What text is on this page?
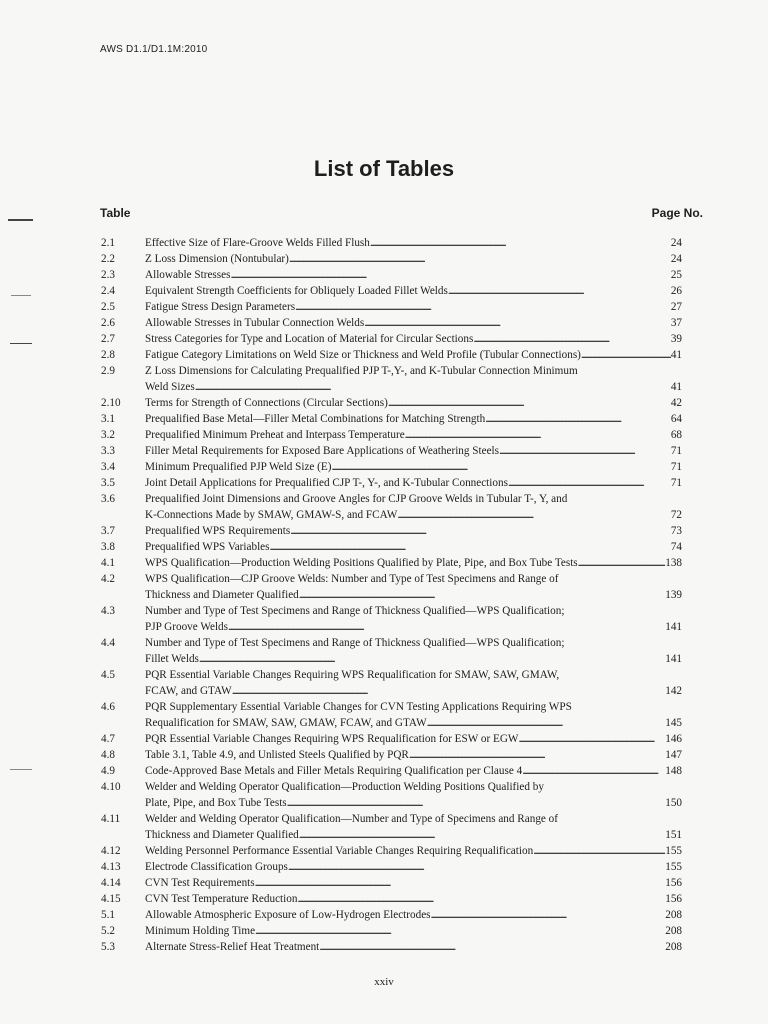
AWS D1.1/D1.1M:2010
List of Tables
Table	Page No.
2.1	Effective Size of Flare-Groove Welds Filled Flush . . .	24
2.2	Z Loss Dimension (Nontubular) . . .	24
2.3	Allowable Stresses . . .	25
2.4	Equivalent Strength Coefficients for Obliquely Loaded Fillet Welds . . .	26
2.5	Fatigue Stress Design Parameters . . .	27
2.6	Allowable Stresses in Tubular Connection Welds . . .	37
2.7	Stress Categories for Type and Location of Material for Circular Sections . . .	39
2.8	Fatigue Category Limitations on Weld Size or Thickness and Weld Profile (Tubular Connections) . . .	41
2.9	Z Loss Dimensions for Calculating Prequalified PJP T-,Y-, and K-Tubular Connection Minimum
Weld Sizes . . .	41
2.10	Terms for Strength of Connections (Circular Sections) . . .	42
3.1	Prequalified Base Metal—Filler Metal Combinations for Matching Strength . . .	64
3.2	Prequalified Minimum Preheat and Interpass Temperature . . .	68
3.3	Filler Metal Requirements for Exposed Bare Applications of Weathering Steels . . .	71
3.4	Minimum Prequalified PJP Weld Size (E) . . .	71
3.5	Joint Detail Applications for Prequalified CJP T-, Y-, and K-Tubular Connections . . .	71
3.6	Prequalified Joint Dimensions and Groove Angles for CJP Groove Welds in Tubular T-, Y, and
K-Connections Made by SMAW, GMAW-S, and FCAW . . .	72
3.7	Prequalified WPS Requirements . . .	73
3.8	Prequalified WPS Variables . . .	74
4.1	WPS Qualification—Production Welding Positions Qualified by Plate, Pipe, and Box Tube Tests . . .	138
4.2	WPS Qualification—CJP Groove Welds: Number and Type of Test Specimens and Range of
Thickness and Diameter Qualified . . .	139
4.3	Number and Type of Test Specimens and Range of Thickness Qualified—WPS Qualification;
PJP Groove Welds . . .	141
4.4	Number and Type of Test Specimens and Range of Thickness Qualified—WPS Qualification;
Fillet Welds . . .	141
4.5	PQR Essential Variable Changes Requiring WPS Requalification for SMAW, SAW, GMAW,
FCAW, and GTAW . . .	142
4.6	PQR Supplementary Essential Variable Changes for CVN Testing Applications Requiring WPS
Requalification for SMAW, SAW, GMAW, FCAW, and GTAW . . .	145
4.7	PQR Essential Variable Changes Requiring WPS Requalification for ESW or EGW . . .	146
4.8	Table 3.1, Table 4.9, and Unlisted Steels Qualified by PQR . . .	147
4.9	Code-Approved Base Metals and Filler Metals Requiring Qualification per Clause 4 . . .	148
4.10	Welder and Welding Operator Qualification—Production Welding Positions Qualified by
Plate, Pipe, and Box Tube Tests . . .	150
4.11	Welder and Welding Operator Qualification—Number and Type of Specimens and Range of
Thickness and Diameter Qualified . . .	151
4.12	Welding Personnel Performance Essential Variable Changes Requiring Requalification . . .	155
4.13	Electrode Classification Groups . . .	155
4.14	CVN Test Requirements . . .	156
4.15	CVN Test Temperature Reduction . . .	156
5.1	Allowable Atmospheric Exposure of Low-Hydrogen Electrodes . . .	208
5.2	Minimum Holding Time . . .	208
5.3	Alternate Stress-Relief Heat Treatment . . .	208
xxiv
